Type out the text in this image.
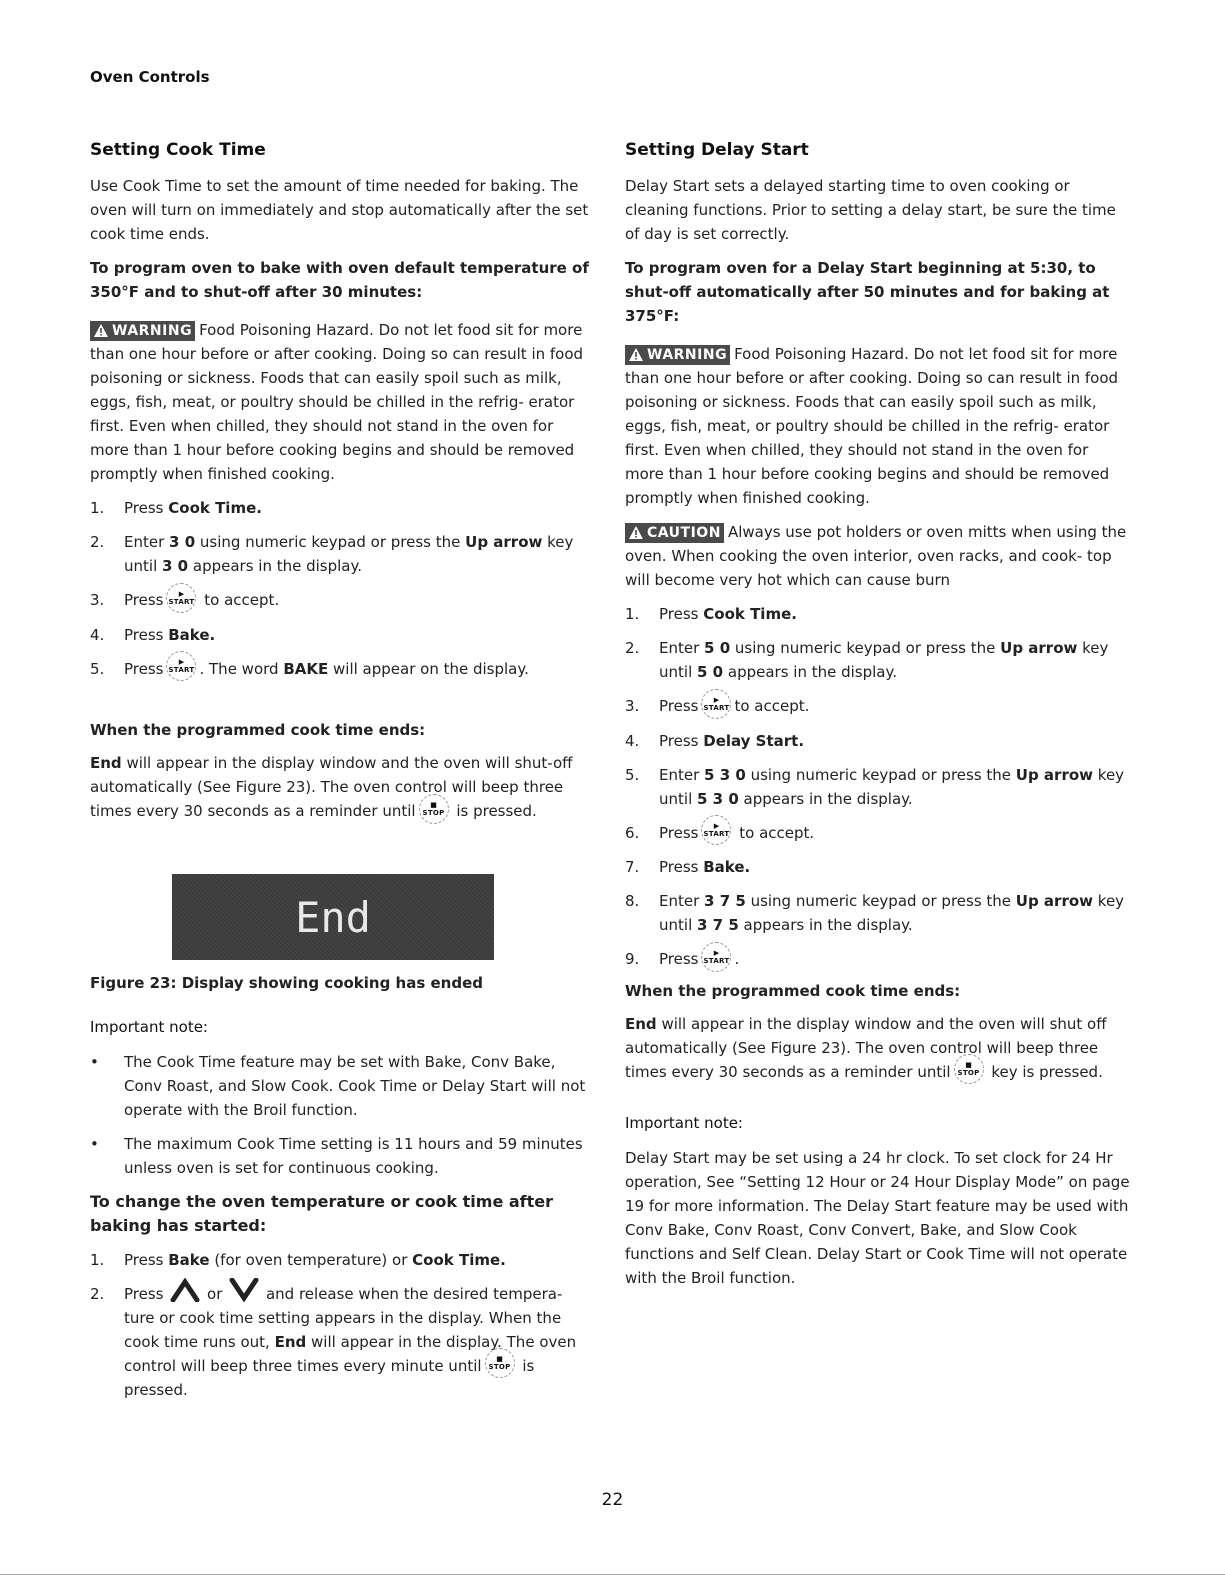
Oven Controls
Setting Cook Time

Use Cook Time to set the amount of time needed for baking. The oven will turn on immediately and stop automatically after the set cook time ends.

To program oven to bake with oven default temperature of 350°F and to shut-off after 30 minutes:

WARNING Food Poisoning Hazard. Do not let food sit for more than one hour before or after cooking. Doing so can result in food poisoning or sickness. Foods that can easily spoil such as milk, eggs, fish, meat, or poultry should be chilled in the refrig- erator first. Even when chilled, they should not stand in the oven for more than 1 hour before cooking begins and should be removed promptly when finished cooking.

1.	Press Cook Time.
2.	Enter 3 0 using numeric keypad or press the Up arrow key until 3 0 appears in the display.
3.	Press ▶
START to accept.
4.	Press Bake.
5.	Press ▶
START . The word BAKE will appear on the display.
When the programmed cook time ends:

End will appear in the display window and the oven will shut-off automatically (See Figure 23). The oven control will beep three times every 30 seconds as a reminder until ■
STOP is pressed.

End
Figure 23: Display showing cooking has ended
Important note:
•	The Cook Time feature may be set with Bake, Conv Bake, Conv Roast, and Slow Cook. Cook Time or Delay Start will not operate with the Broil function.
•	The maximum Cook Time setting is 11 hours and 59 minutes unless oven is set for continuous cooking.
To change the oven temperature or cook time after baking has started:
1.	Press Bake (for oven temperature) or Cook Time.
2.	Press	or	and release when the desired tempera- ture or cook time setting appears in the display. When the cook time runs out, End will appear in the display. The oven control will beep three times every minute until ■
STOP is pressed.
Setting Delay Start

Delay Start sets a delayed starting time to oven cooking or cleaning functions. Prior to setting a delay start, be sure the time of day is set correctly.

To program oven for a Delay Start beginning at 5:30, to shut-off automatically after 50 minutes and for baking at 375°F:

WARNING Food Poisoning Hazard. Do not let food sit for more than one hour before or after cooking. Doing so can result in food poisoning or sickness. Foods that can easily spoil such as milk, eggs, fish, meat, or poultry should be chilled in the refrig- erator first. Even when chilled, they should not stand in the oven for more than 1 hour before cooking begins and should be removed promptly when finished cooking.

CAUTION Always use pot holders or oven mitts when using the oven. When cooking the oven interior, oven racks, and cook- top will become very hot which can cause burn

1.	Press Cook Time.
2.	Enter 5 0 using numeric keypad or press the Up arrow key until 5 0 appears in the display.
3.	Press ▶
START to accept.
4.	Press Delay Start.
5.	Enter 5 3 0 using numeric keypad or press the Up arrow key until 5 3 0 appears in the display.
6.	Press ▶
START to accept.
7.	Press Bake.
8.	Enter 3 7 5 using numeric keypad or press the Up arrow key until 3 7 5 appears in the display.
9.	Press ▶
START .
When the programmed cook time ends:

End will appear in the display window and the oven will shut off automatically (See Figure 23). The oven control will beep three times every 30 seconds as a reminder until ■
STOP key is pressed.

Important note:

Delay Start may be set using a 24 hr clock. To set clock for 24 Hr operation, See “Setting 12 Hour or 24 Hour Display Mode” on page 19 for more information. The Delay Start feature may be used with Conv Bake, Conv Roast, Conv Convert, Bake, and Slow Cook functions and Self Clean. Delay Start or Cook Time will not operate with the Broil function.

22
